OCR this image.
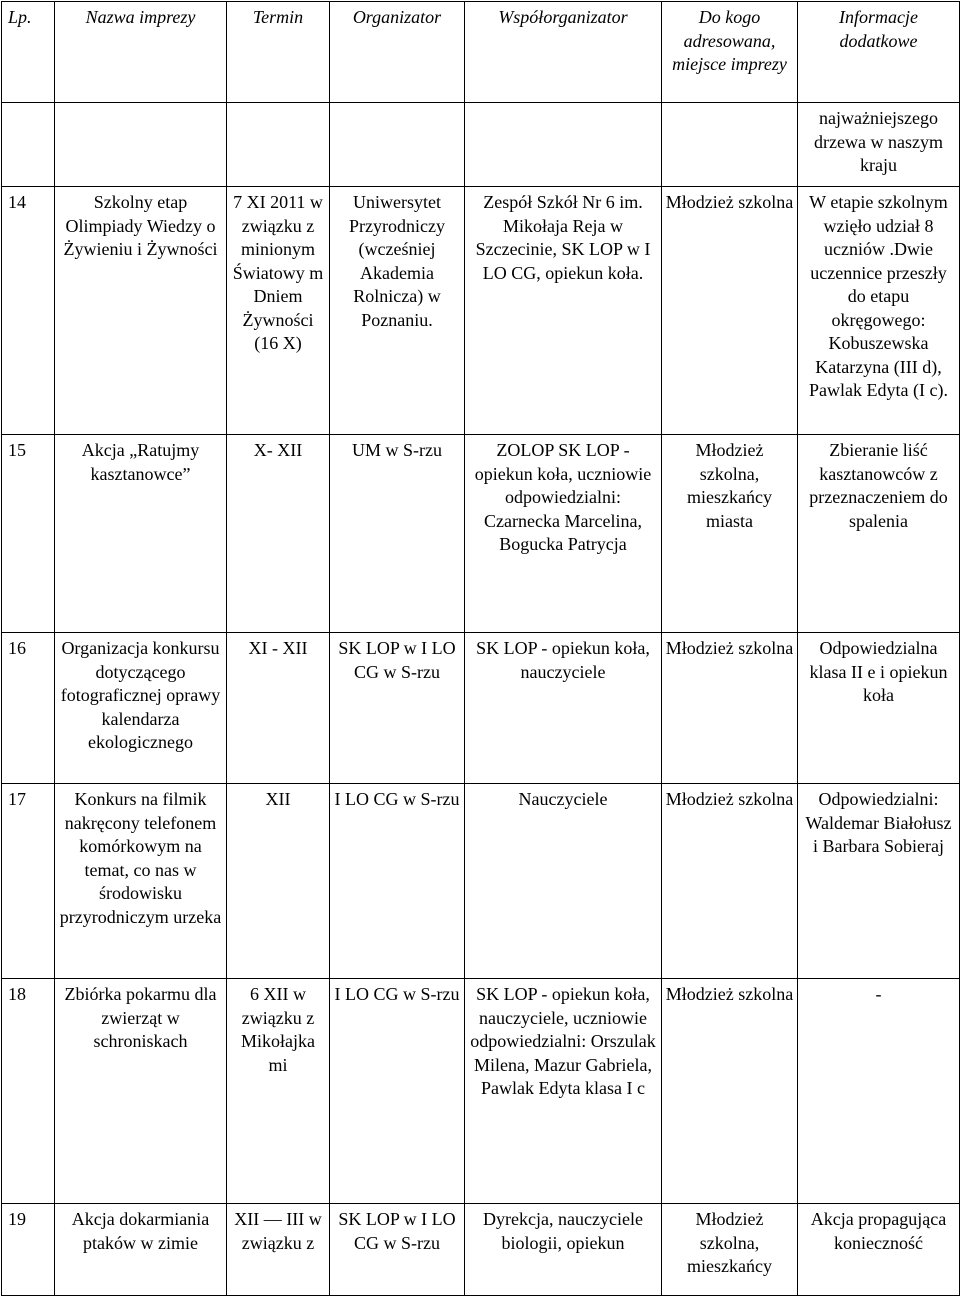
Lp.	Nazwa imprezy	Termin	Organizator	Współorganizator	Do kogo adresowana, miejsce imprezy	Informacje dodatkowe
						najważniejszego drzewa w naszym kraju
14	Szkolny etap Olimpiady Wiedzy o Żywieniu i Żywności	7 XI 2011 w związku z minionym Światowy m Dniem Żywności (16 X)	Uniwersytet Przyrodniczy (wcześniej Akademia Rolnicza) w Poznaniu.	Zespół Szkół Nr 6 im. Mikołaja Reja w Szczecinie, SK LOP w I LO CG, opiekun koła.	Młodzież szkolna	W etapie szkolnym wzięło udział 8 uczniów .Dwie uczennice przeszły do etapu okręgowego: Kobuszewska Katarzyna (III d), Pawlak Edyta (I c).
15	Akcja „Ratujmy kasztanowce”	X- XII	UM w S-rzu	ZOLOP SK LOP - opiekun koła, uczniowie odpowiedzialni: Czarnecka Marcelina, Bogucka Patrycja	Młodzież szkolna, mieszkańcy miasta	Zbieranie liść kasztanowców z przeznaczeniem do spalenia
16	Organizacja konkursu dotyczącego fotograficznej oprawy kalendarza ekologicznego	XI - XII	SK LOP w I LO CG w S-rzu	SK LOP - opiekun koła, nauczyciele	Młodzież szkolna	Odpowiedzialna klasa II e i opiekun koła
17	Konkurs na filmik nakręcony telefonem komórkowym na temat, co nas w środowisku przyrodniczym urzeka	XII	I LO CG w S-rzu	Nauczyciele	Młodzież szkolna	Odpowiedzialni: Waldemar Białołusz i Barbara Sobieraj
18	Zbiórka pokarmu dla zwierząt w schroniskach	6 XII w związku z Mikołajka mi	I LO CG w S-rzu	SK LOP - opiekun koła, nauczyciele, uczniowie odpowiedzialni: Orszulak Milena, Mazur Gabriela, Pawlak Edyta klasa I c	Młodzież szkolna	-
19	Akcja dokarmiania ptaków w zimie	XII — III w związku z	SK LOP w I LO CG w S-rzu	Dyrekcja, nauczyciele biologii, opiekun	Młodzież szkolna, mieszkańcy	Akcja propagująca konieczność
